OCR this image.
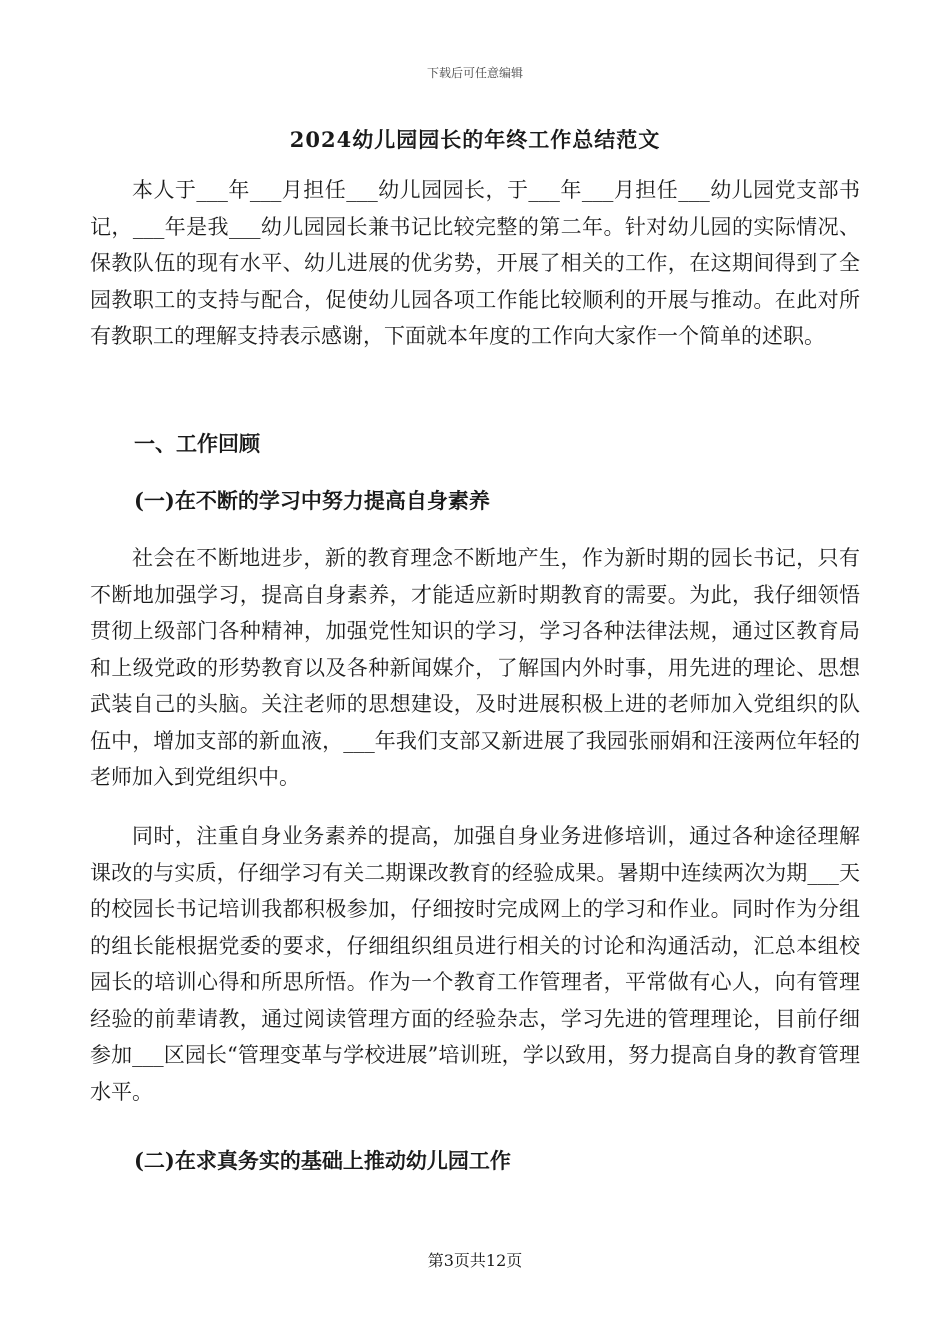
下载后可任意编辑
2024幼儿园园长的年终工作总结范文

本人于___年___月担任___幼儿园园长，于___年___月担任___幼儿园党支部书记，___年是我___幼儿园园长兼书记比较完整的第二年。针对幼儿园的实际情况、保教队伍的现有水平、幼儿进展的优劣势，开展了相关的工作，在这期间得到了全园教职工的支持与配合，促使幼儿园各项工作能比较顺利的开展与推动。在此对所有教职工的理解支持表示感谢，下面就本年度的工作向大家作一个简单的述职。

一、工作回顾

(一)在不断的学习中努力提高自身素养

社会在不断地进步，新的教育理念不断地产生，作为新时期的园长书记，只有不断地加强学习，提高自身素养，才能适应新时期教育的需要。为此，我仔细领悟贯彻上级部门各种精神，加强党性知识的学习，学习各种法律法规，通过区教育局和上级党政的形势教育以及各种新闻媒介，了解国内外时事，用先进的理论、思想武装自己的头脑。关注老师的思想建设，及时进展积极上进的老师加入党组织的队伍中，增加支部的新血液，___年我们支部又新进展了我园张丽娟和汪淁两位年轻的老师加入到党组织中。

同时，注重自身业务素养的提高，加强自身业务进修培训，通过各种途径理解课改的与实质，仔细学习有关二期课改教育的经验成果。暑期中连续两次为期___天的校园长书记培训我都积极参加，仔细按时完成网上的学习和作业。同时作为分组的组长能根据党委的要求，仔细组织组员进行相关的讨论和沟通活动，汇总本组校园长的培训心得和所思所悟。作为一个教育工作管理者，平常做有心人，向有管理经验的前辈请教，通过阅读管理方面的经验杂志，学习先进的管理理论，目前仔细参加___区园长“管理变革与学校进展”培训班，学以致用，努力提高自身的教育管理水平。

(二)在求真务实的基础上推动幼儿园工作

第3页共12页
